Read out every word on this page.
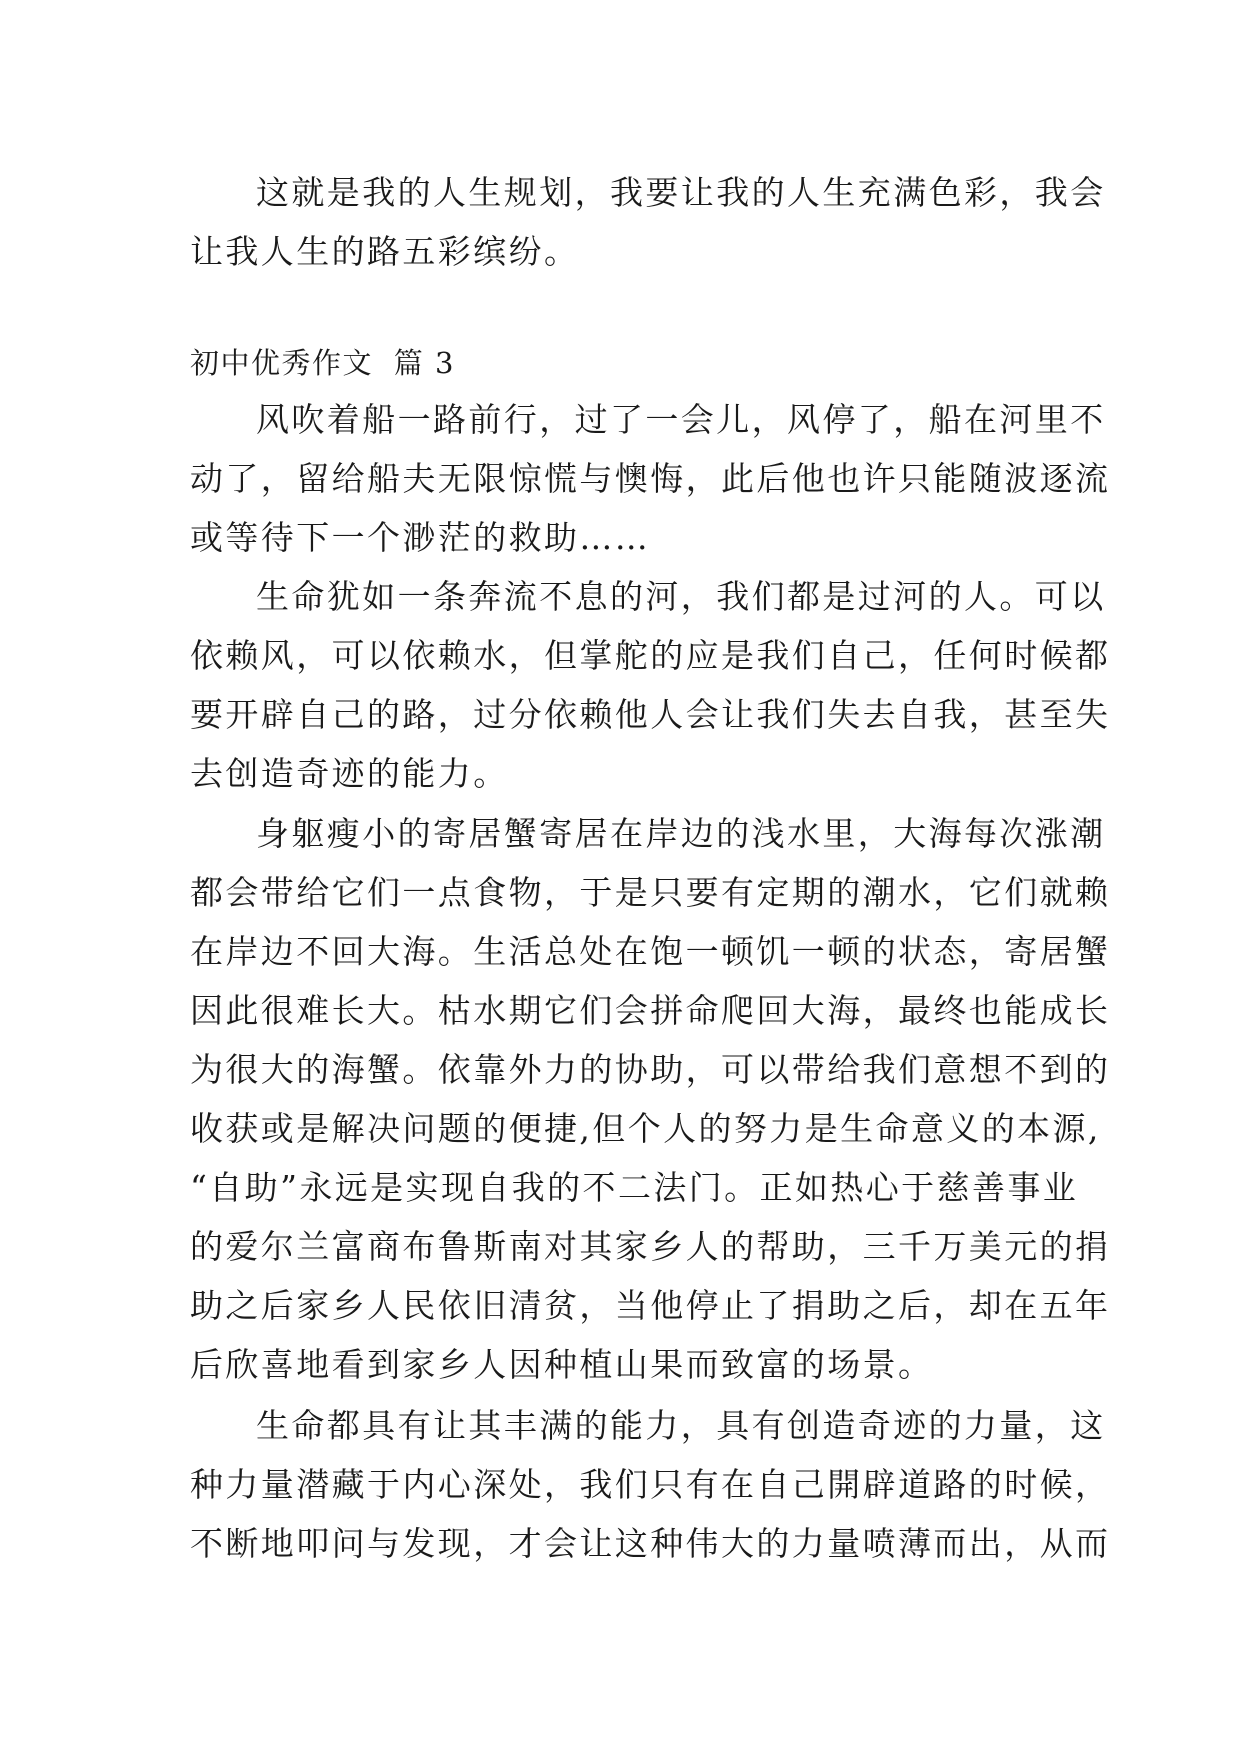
这就是我的人生规划，我要让我的人生充满色彩，我会
让我人生的路五彩缤纷。
初中优秀作文 篇 3
风吹着船一路前行，过了一会儿，风停了，船在河里不
动了，留给船夫无限惊慌与懊悔，此后他也许只能随波逐流
或等待下一个渺茫的救助……
生命犹如一条奔流不息的河，我们都是过河的人。可以
依赖风，可以依赖水，但掌舵的应是我们自己，任何时候都
要开辟自己的路，过分依赖他人会让我们失去自我，甚至失
去创造奇迹的能力。
身躯瘦小的寄居蟹寄居在岸边的浅水里，大海每次涨潮
都会带给它们一点食物，于是只要有定期的潮水，它们就赖
在岸边不回大海。生活总处在饱一顿饥一顿的状态，寄居蟹
因此很难长大。枯水期它们会拼命爬回大海，最终也能成长
为很大的海蟹。依靠外力的协助，可以带给我们意想不到的
收获或是解决问题的便捷,但个人的努力是生命意义的本源,
“自助”永远是实现自我的不二法门。正如热心于慈善事业
的爱尔兰富商布鲁斯南对其家乡人的帮助，三千万美元的捐
助之后家乡人民依旧清贫，当他停止了捐助之后，却在五年
后欣喜地看到家乡人因种植山果而致富的场景。
生命都具有让其丰满的能力，具有创造奇迹的力量，这
种力量潜藏于内心深处，我们只有在自己開辟道路的时候，
不断地叩问与发现，才会让这种伟大的力量喷薄而出，从而
